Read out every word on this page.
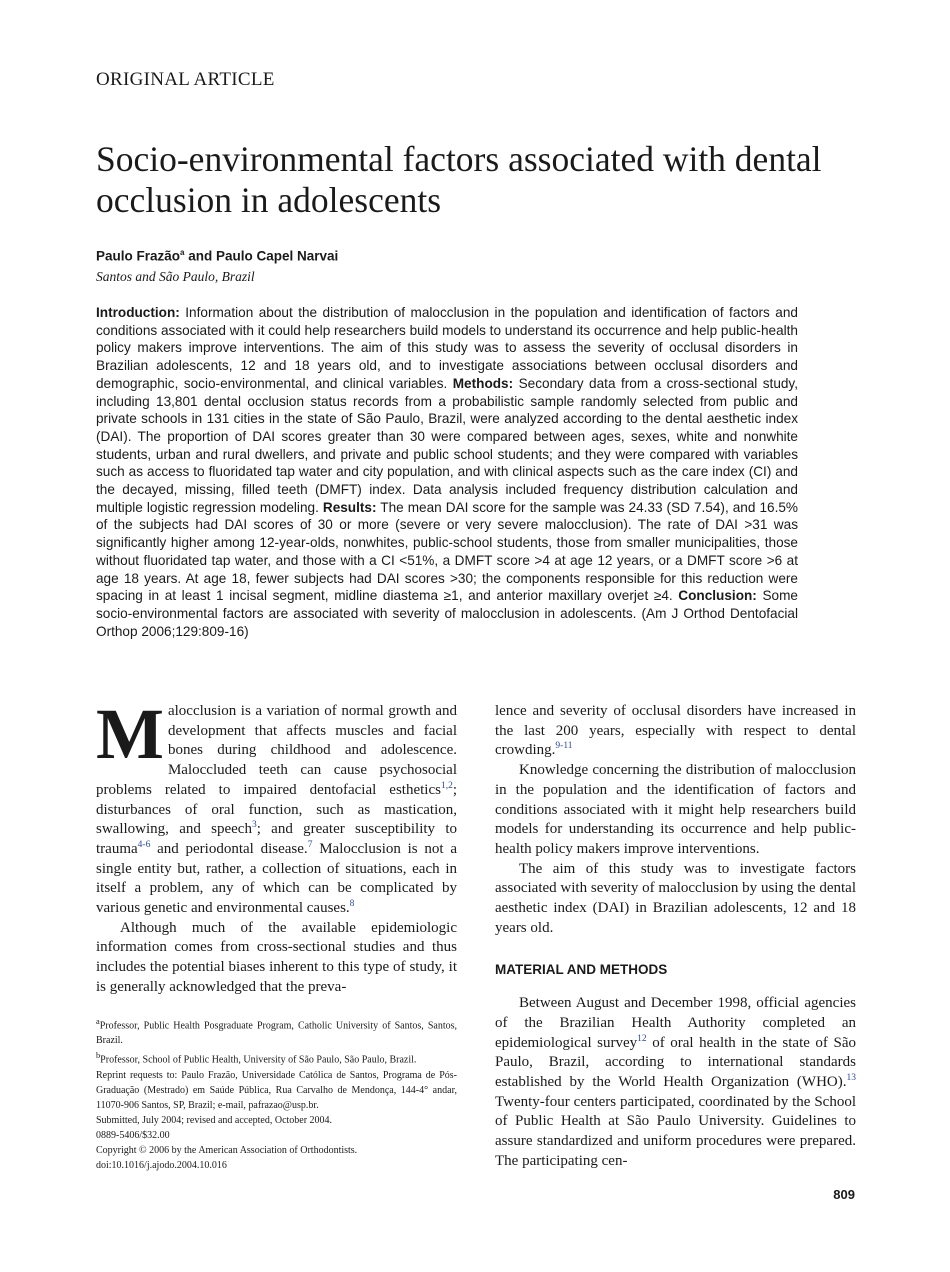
ORIGINAL ARTICLE
Socio-environmental factors associated with dental occlusion in adolescents
Paulo Frazão$^a$ and Paulo Capel Narvai
Santos and São Paulo, Brazil

Introduction: Information about the distribution of malocclusion in the population and identification of factors and conditions associated with it could help researchers build models to understand its occurrence and help public-health policy makers improve interventions. The aim of this study was to assess the severity of occlusal disorders in Brazilian adolescents, 12 and 18 years old, and to investigate associations between occlusal disorders and demographic, socio-environmental, and clinical variables. Methods: Secondary data from a cross-sectional study, including 13,801 dental occlusion status records from a probabilistic sample randomly selected from public and private schools in 131 cities in the state of São Paulo, Brazil, were analyzed according to the dental aesthetic index (DAI). The proportion of DAI scores greater than 30 were compared between ages, sexes, white and nonwhite students, urban and rural dwellers, and private and public school students; and they were compared with variables such as access to fluoridated tap water and city population, and with clinical aspects such as the care index (CI) and the decayed, missing, filled teeth (DMFT) index. Data analysis included frequency distribution calculation and multiple logistic regression modeling. Results: The mean DAI score for the sample was 24.33 (SD 7.54), and 16.5% of the subjects had DAI scores of 30 or more (severe or very severe malocclusion). The rate of DAI >31 was significantly higher among 12-year-olds, nonwhites, public-school students, those from smaller municipalities, those without fluoridated tap water, and those with a CI <51%, a DMFT score >4 at age 12 years, or a DMFT score >6 at age 18 years. At age 18, fewer subjects had DAI scores >30; the components responsible for this reduction were spacing in at least 1 incisal segment, midline diastema ≥1, and anterior maxillary overjet ≥4. Conclusion: Some socio-environmental factors are associated with severity of malocclusion in adolescents. (Am J Orthod Dentofacial Orthop 2006;129:809-16)

Malocclusion is a variation of normal growth and development that affects muscles and facial bones during childhood and adolescence. Maloccluded teeth can cause psychosocial problems related to impaired dentofacial esthetics$^{1,2}$; disturbances of oral function, such as mastication, swallowing, and speech$^3$; and greater susceptibility to trauma$^{4-6}$ and periodontal disease.$^7$ Malocclusion is not a single entity but, rather, a collection of situations, each in itself a problem, any of which can be complicated by various genetic and environmental causes.$^8$

Although much of the available epidemiologic information comes from cross-sectional studies and thus includes the potential biases inherent to this type of study, it is generally acknowledged that the preva-

lence and severity of occlusal disorders have increased in the last 200 years, especially with respect to dental crowding.$^{9-11}$

Knowledge concerning the distribution of malocclusion in the population and the identification of factors and conditions associated with it might help researchers build models for understanding its occurrence and help public-health policy makers improve interventions.

The aim of this study was to investigate factors associated with severity of malocclusion by using the dental aesthetic index (DAI) in Brazilian adolescents, 12 and 18 years old.

MATERIAL AND METHODS

Between August and December 1998, official agencies of the Brazilian Health Authority completed an epidemiological survey$^{12}$ of oral health in the state of São Paulo, Brazil, according to international standards established by the World Health Organization (WHO).$^{13}$ Twenty-four centers participated, coordinated by the School of Public Health at São Paulo University. Guidelines to assure standardized and uniform procedures were prepared. The participating cen-

$^a$Professor, Public Health Posgraduate Program, Catholic University of Santos, Santos, Brazil.
$^b$Professor, School of Public Health, University of São Paulo, São Paulo, Brazil.
Reprint requests to: Paulo Frazão, Universidade Católica de Santos, Programa de Pós-Graduação (Mestrado) em Saúde Pública, Rua Carvalho de Mendonça, 144-4° andar, 11070-906 Santos, SP, Brazil; e-mail, pafrazao@usp.br.
Submitted, July 2004; revised and accepted, October 2004.
0889-5406/$32.00
Copyright © 2006 by the American Association of Orthodontists.
doi:10.1016/j.ajodo.2004.10.016
809
